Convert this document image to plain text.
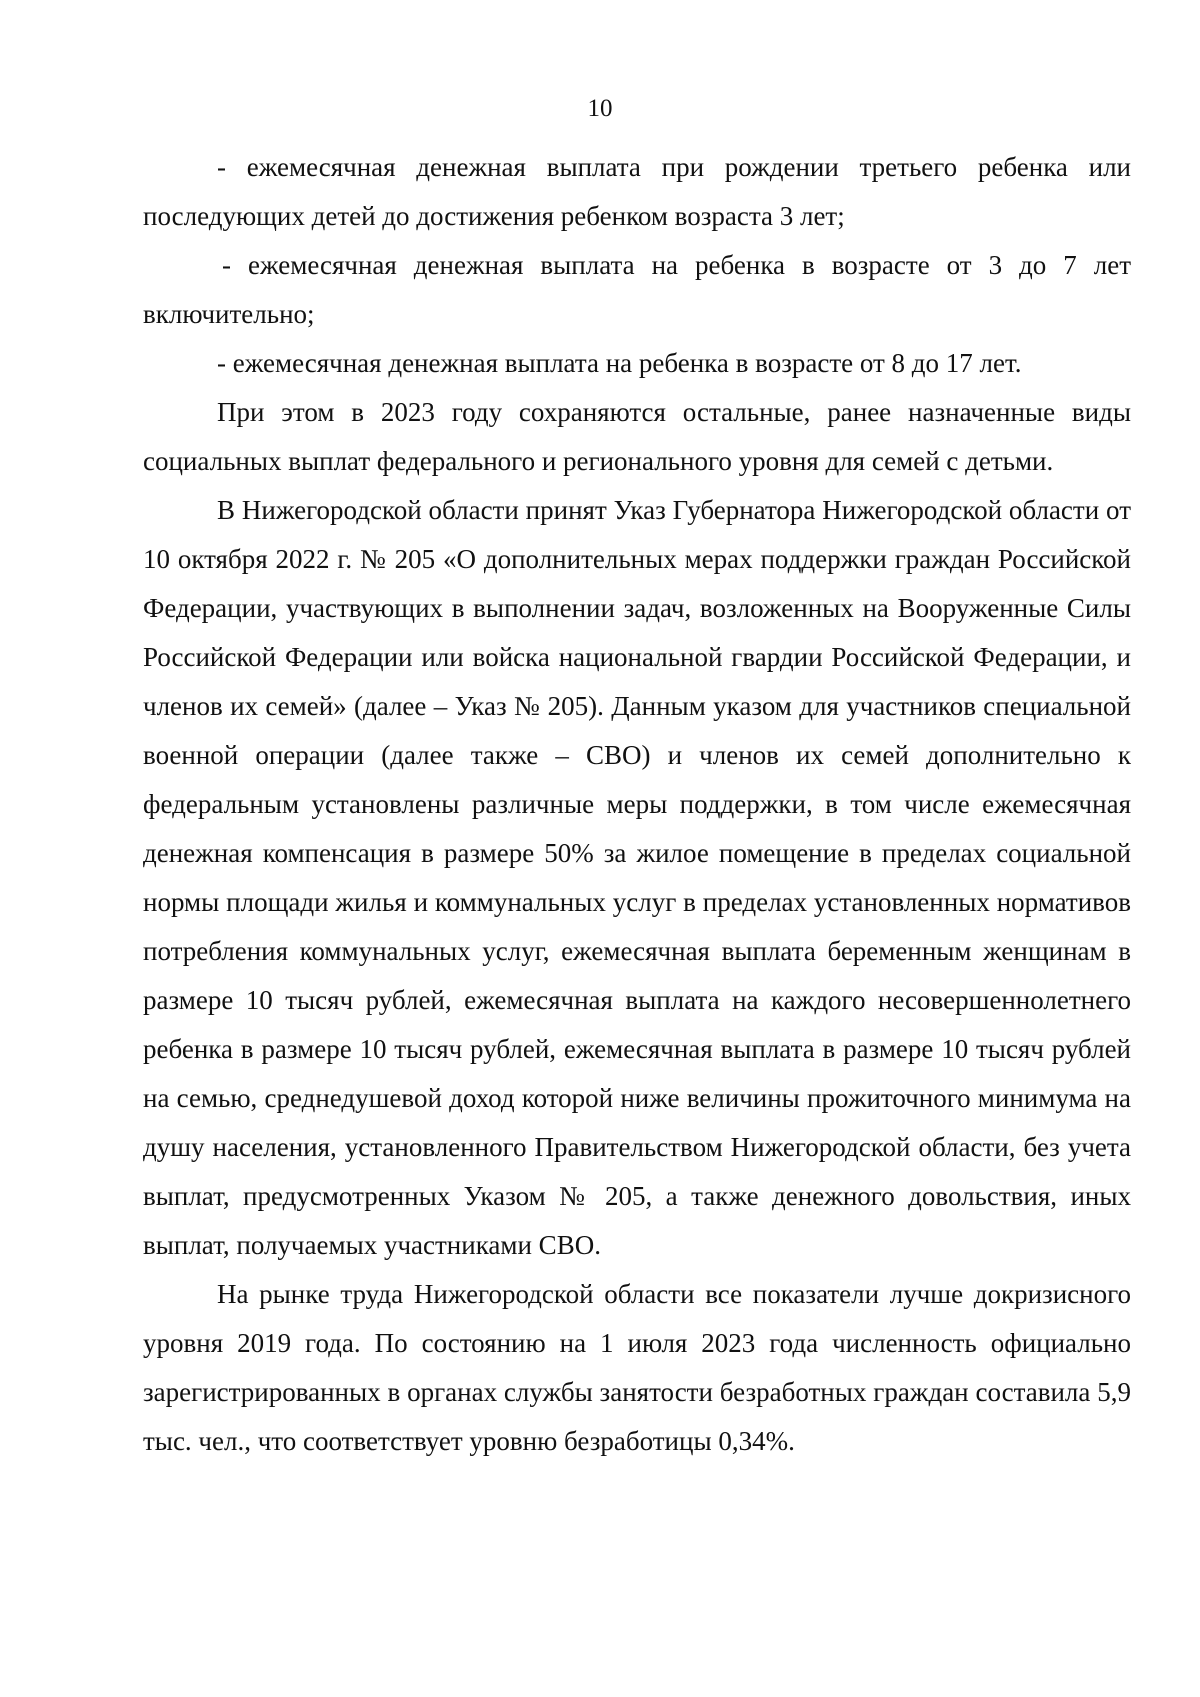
10

- ежемесячная денежная выплата при рождении третьего ребенка или последующих детей до достижения ребенком возраста 3 лет;

- ежемесячная денежная выплата на ребенка в возрасте от 3 до 7 лет включительно;

- ежемесячная денежная выплата на ребенка в возрасте от 8 до 17 лет.

При этом в 2023 году сохраняются остальные, ранее назначенные виды социальных выплат федерального и регионального уровня для семей с детьми.

В Нижегородской области принят Указ Губернатора Нижегородской области от 10 октября 2022 г. № 205 «О дополнительных мерах поддержки граждан Российской Федерации, участвующих в выполнении задач, возложенных на Вооруженные Силы Российской Федерации или войска национальной гвардии Российской Федерации, и членов их семей» (далее – Указ № 205). Данным указом для участников специальной военной операции (далее также – СВО) и членов их семей дополнительно к федеральным установлены различные меры поддержки, в том числе ежемесячная денежная компенсация в размере 50% за жилое помещение в пределах социальной нормы площади жилья и коммунальных услуг в пределах установленных нормативов потребления коммунальных услуг, ежемесячная выплата беременным женщинам в размере 10 тысяч рублей, ежемесячная выплата на каждого несовершеннолетнего ребенка в размере 10 тысяч рублей, ежемесячная выплата в размере 10 тысяч рублей на семью, среднедушевой доход которой ниже величины прожиточного минимума на душу населения, установленного Правительством Нижегородской области, без учета выплат, предусмотренных Указом № 205, а также денежного довольствия, иных выплат, получаемых участниками СВО.

На рынке труда Нижегородской области все показатели лучше докризисного уровня 2019 года. По состоянию на 1 июля 2023 года численность официально зарегистрированных в органах службы занятости безработных граждан составила 5,9 тыс. чел., что соответствует уровню безработицы 0,34%.
